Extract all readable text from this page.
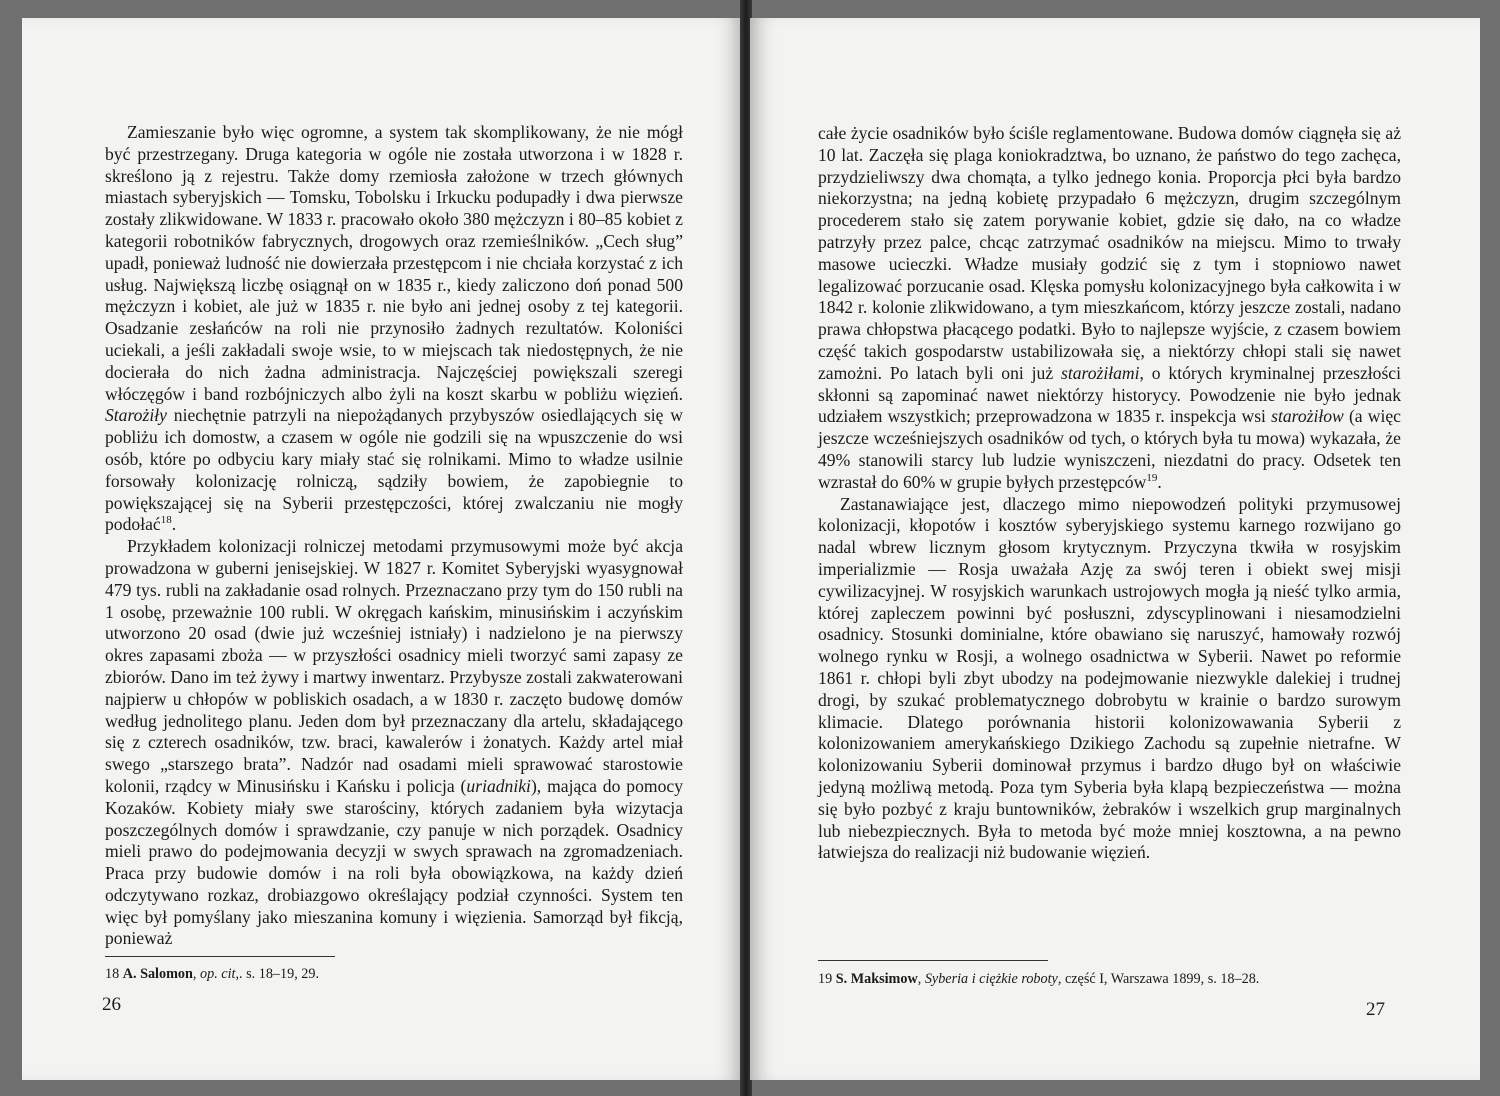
Zamieszanie było więc ogromne, a system tak skomplikowany, że nie mógł być przestrzegany. Druga kategoria w ogóle nie została utworzona i w 1828 r. skreślono ją z rejestru. Także domy rzemiosła założone w trzech głównych miastach syberyjskich — Tomsku, Tobolsku i Irkucku podupadły i dwa pierwsze zostały zlikwidowane. W 1833 r. pracowało około 380 mężczyzn i 80–85 kobiet z kategorii robotników fabrycznych, drogowych oraz rzemieślników. „Cech sług” upadł, ponieważ ludność nie dowierzała przestępcom i nie chciała korzystać z ich usług. Największą liczbę osiągnął on w 1835 r., kiedy zaliczono doń ponad 500 mężczyzn i kobiet, ale już w 1835 r. nie było ani jednej osoby z tej kategorii. Osadzanie zesłańców na roli nie przynosiło żadnych rezultatów. Koloniści uciekali, a jeśli zakładali swoje wsie, to w miejscach tak niedostępnych, że nie docierała do nich żadna administracja. Najczęściej powiększali szeregi włóczęgów i band rozbójniczych albo żyli na koszt skarbu w pobliżu więzień. Starożiły niechętnie patrzyli na niepożądanych przybyszów osiedlających się w pobliżu ich domostw, a czasem w ogóle nie godzili się na wpuszczenie do wsi osób, które po odbyciu kary miały stać się rolnikami. Mimo to władze usilnie forsowały kolonizację rolniczą, sądziły bowiem, że zapobiegnie to powiększającej się na Syberii przestępczości, której zwalczaniu nie mogły podołać$^{18}$.

Przykładem kolonizacji rolniczej metodami przymusowymi może być akcja prowadzona w guberni jenisejskiej. W 1827 r. Komitet Syberyjski wyasygnował 479 tys. rubli na zakładanie osad rolnych. Przeznaczano przy tym do 150 rubli na 1 osobę, przeważnie 100 rubli. W okręgach kańskim, minusińskim i aczyńskim utworzono 20 osad (dwie już wcześniej istniały) i nadzielono je na pierwszy okres zapasami zboża — w przyszłości osadnicy mieli tworzyć sami zapasy ze zbiorów. Dano im też żywy i martwy inwentarz. Przybysze zostali zakwaterowani najpierw u chłopów w pobliskich osadach, a w 1830 r. zaczęto budowę domów według jednolitego planu. Jeden dom był przeznaczany dla artelu, składającego się z czterech osadników, tzw. braci, kawalerów i żonatych. Każdy artel miał swego „starszego brata”. Nadzór nad osadami mieli sprawować starostowie kolonii, rządcy w Minusińsku i Kańsku i policja (uriadniki), mająca do pomocy Kozaków. Kobiety miały swe starościny, których zadaniem była wizytacja poszczególnych domów i sprawdzanie, czy panuje w nich porządek. Osadnicy mieli prawo do podejmowania decyzji w swych sprawach na zgromadzeniach. Praca przy budowie domów i na roli była obowiązkowa, na każdy dzień odczytywano rozkaz, drobiazgowo określający podział czynności. System ten więc był pomyślany jako mieszanina komuny i więzienia. Samorząd był fikcją, ponieważ

18 A. Salomon, op. cit,. s. 18–19, 29.
26

całe życie osadników było ściśle reglamentowane. Budowa domów ciągnęła się aż 10 lat. Zaczęła się plaga koniokradztwa, bo uznano, że państwo do tego zachęca, przydzieliwszy dwa chomąta, a tylko jednego konia. Proporcja płci była bardzo niekorzystna; na jedną kobietę przypadało 6 mężczyzn, drugim szczególnym procederem stało się zatem porywanie kobiet, gdzie się dało, na co władze patrzyły przez palce, chcąc zatrzymać osadników na miejscu. Mimo to trwały masowe ucieczki. Władze musiały godzić się z tym i stopniowo nawet legalizować porzucanie osad. Klęska pomysłu kolonizacyjnego była całkowita i w 1842 r. kolonie zlikwidowano, a tym mieszkańcom, którzy jeszcze zostali, nadano prawa chłopstwa płacącego podatki. Było to najlepsze wyjście, z czasem bowiem część takich gospodarstw ustabilizowała się, a niektórzy chłopi stali się nawet zamożni. Po latach byli oni już starożiłami, o których kryminalnej przeszłości skłonni są zapominać nawet niektórzy historycy. Powodzenie nie było jednak udziałem wszystkich; przeprowadzona w 1835 r. inspekcja wsi starożiłow (a więc jeszcze wcześniejszych osadników od tych, o których była tu mowa) wykazała, że 49% stanowili starcy lub ludzie wyniszczeni, niezdatni do pracy. Odsetek ten wzrastał do 60% w grupie byłych przestępców$^{19}$.

Zastanawiające jest, dlaczego mimo niepowodzeń polityki przymusowej kolonizacji, kłopotów i kosztów syberyjskiego systemu karnego rozwijano go nadal wbrew licznym głosom krytycznym. Przyczyna tkwiła w rosyjskim imperializmie — Rosja uważała Azję za swój teren i obiekt swej misji cywilizacyjnej. W rosyjskich warunkach ustrojowych mogła ją nieść tylko armia, której zapleczem powinni być posłuszni, zdyscyplinowani i niesamodzielni osadnicy. Stosunki dominialne, które obawiano się naruszyć, hamowały rozwój wolnego rynku w Rosji, a wolnego osadnictwa w Syberii. Nawet po reformie 1861 r. chłopi byli zbyt ubodzy na podejmowanie niezwykle dalekiej i trudnej drogi, by szukać problematycznego dobrobytu w krainie o bardzo surowym klimacie. Dlatego porównania historii kolonizowawania Syberii z kolonizowaniem amerykańskiego Dzikiego Zachodu są zupełnie nietrafne. W kolonizowaniu Syberii dominował przymus i bardzo długo był on właściwie jedyną możliwą metodą. Poza tym Syberia była klapą bezpieczeństwa — można się było pozbyć z kraju buntowników, żebraków i wszelkich grup marginalnych lub niebezpiecznych. Była to metoda być może mniej kosztowna, a na pewno łatwiejsza do realizacji niż budowanie więzień.

19 S. Maksimow, Syberia i ciężkie roboty, część I, Warszawa 1899, s. 18–28.
27
